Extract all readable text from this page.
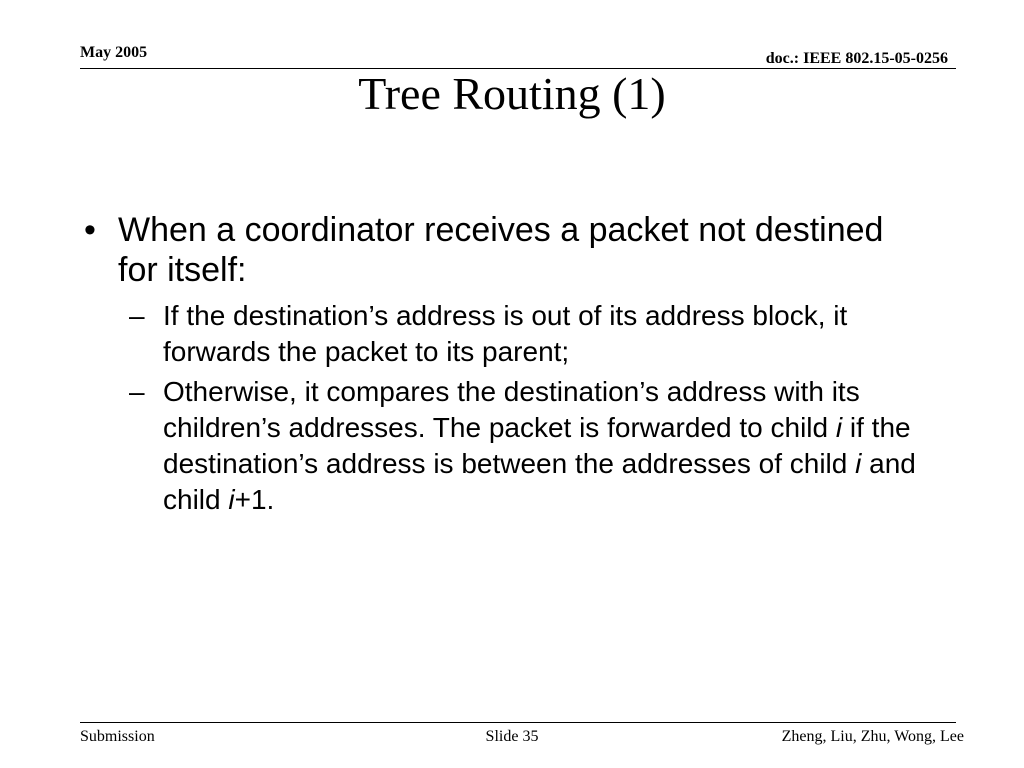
May 2005	doc.: IEEE 802.15-05-0256
Tree Routing (1)
• When a coordinator receives a packet not destined for itself:
– If the destination’s address is out of its address block, it forwards the packet to its parent;
– Otherwise, it compares the destination’s address with its children’s addresses. The packet is forwarded to child i if the destination’s address is between the addresses of child i and child i+1.
Submission	Slide 35	Zheng, Liu, Zhu, Wong, Lee
